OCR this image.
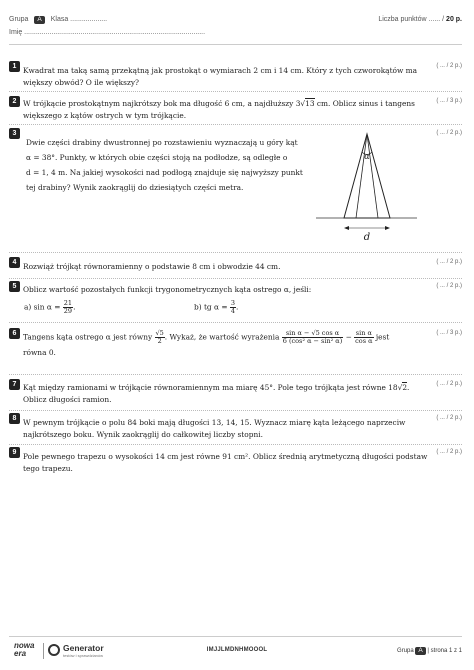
Grupa A Klasa ...................
Imię .............................................................................................
Liczba punktów ...... / 20 p.
1	( ... / 2 p.)
Kwadrat ma taką samą przekątną jak prostokąt o wymiarach 2 cm i 14 cm. Który z tych czworokątów ma
większy obwód? O ile większy?
2	( ... / 3 p.)
W trójkącie prostokątnym najkrótszy bok ma długość 6 cm, a najdłuższy 3√13 cm. Oblicz sinus i tangens
większego z kątów ostrych w tym trójkącie.
3	( ... / 2 p.)
Dwie części drabiny dwustronnej po rozstawieniu wyznaczają u góry kąt
α = 38°. Punkty, w których obie części stoją na podłodze, są odległe o
d = 1, 4 m. Na jakiej wysokości nad podłogą znajduje się najwyższy punkt
tej drabiny? Wynik zaokrąglij do dziesiątych części metra.
α
d
4	( ... / 2 p.)
Rozwiąż trójkąt równoramienny o podstawie 8 cm i obwodzie 44 cm.
5	( ... / 2 p.)
Oblicz wartość pozostałych funkcji trygonometrycznych kąta ostrego α, jeśli:
a) $\sin \alpha = \frac{21}{29}$ .	b) tg $\alpha = \frac{3}{4}$ .
6	( ... / 3 p.)
Tangens kąta ostrego α jest równy $\frac{√5}{2}$ . Wykaż, że wartość wyrażenia $\frac{\text{sin α − √5 cos α}}{\text{6 (cos² α − sin² α)}} - \frac{\text{sin α}}{\text{cos α}}$ jest
równa 0.
7	( ... / 2 p.)
Kąt między ramionami w trójkącie równoramiennym ma miarę 45°. Pole tego trójkąta jest równe 18√2.
Oblicz długości ramion.
8	( ... / 2 p.)
W pewnym trójkącie o polu 84 boki mają długości 13, 14, 15. Wyznacz miarę kąta leżącego naprzeciw
najkrótszego boku. Wynik zaokrąglij do całkowitej liczby stopni.
9	( ... / 2 p.)
Pole pewnego trapezu o wysokości 14 cm jest równe 91 cm². Oblicz średnią arytmetyczną długości podstaw
tego trapezu.
nowa
era
Generator
testów i sprawdzianów
IMJJLMDNHMOOOL	Grupa A | strona 1 z 1
